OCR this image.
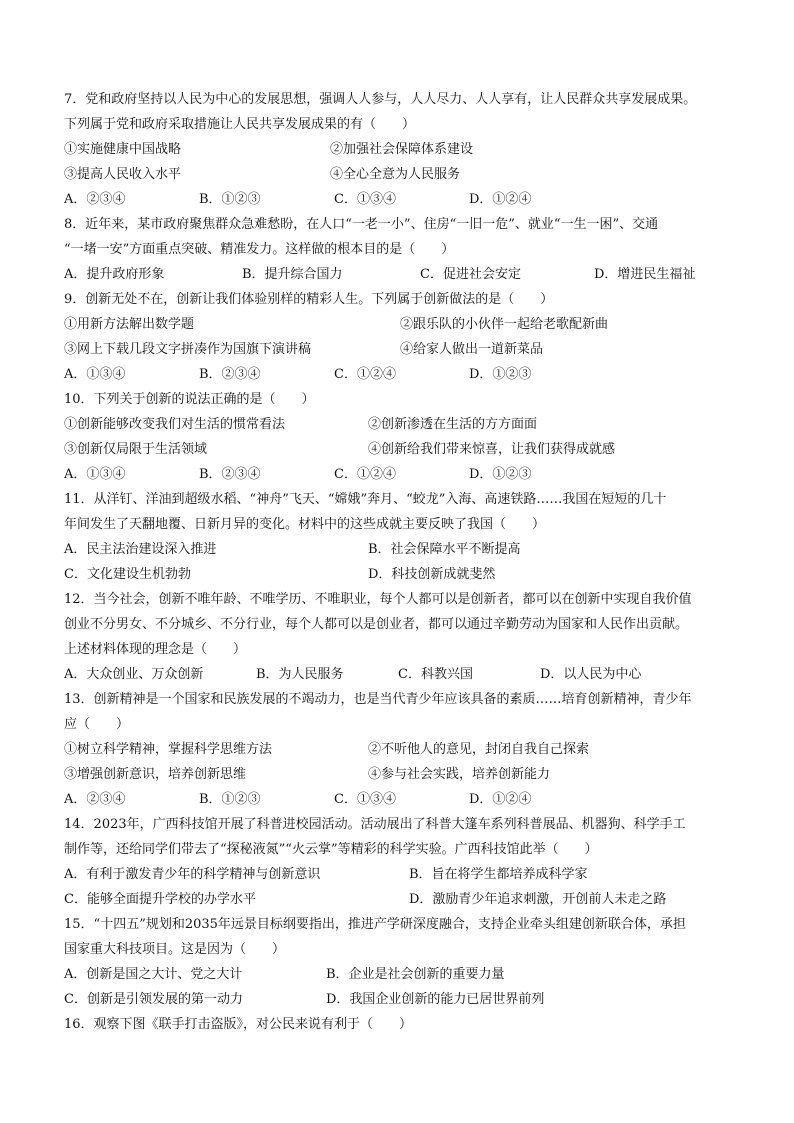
7．党和政府坚持以人民为中心的发展思想，强调人人参与，人人尽力、人人享有，让人民群众共享发展成果。
下列属于党和政府采取措施让人民共享发展成果的有（　　）
①实施健康中国战略	②加强社会保障体系建设
③提高人民收入水平	④全心全意为人民服务
A．②③④	B．①②③	C．①③④	D．①②④
8．近年来，某市政府聚焦群众急难愁盼，在人口“一老一小”、住房“一旧一危”、就业“一生一困”、交通
“一堵一安”方面重点突破、精准发力。这样做的根本目的是（　　）
A．提升政府形象	B．提升综合国力	C．促进社会安定	D．增进民生福祉
9．创新无处不在，创新让我们体验别样的精彩人生。下列属于创新做法的是（　　）
①用新方法解出数学题	②跟乐队的小伙伴一起给老歌配新曲
③网上下载几段文字拼凑作为国旗下演讲稿	④给家人做出一道新菜品
A．①③④	B．②③④	C．①②④	D．①②③
10．下列关于创新的说法正确的是（　　）
①创新能够改变我们对生活的惯常看法	②创新渗透在生活的方方面面
③创新仅局限于生活领域	④创新给我们带来惊喜，让我们获得成就感
A．①③④	B．②③④	C．①②④	D．①②③
11．从洋钉、洋油到超级水稻、“神舟”飞天、“嫦娥”奔月、“蛟龙”入海、高速铁路……我国在短短的几十
年间发生了天翻地覆、日新月异的变化。材料中的这些成就主要反映了我国（　　）
A．民主法治建设深入推进	B．社会保障水平不断提高
C．文化建设生机勃勃	D．科技创新成就斐然
12．当今社会，创新不唯年龄、不唯学历、不唯职业，每个人都可以是创新者，都可以在创新中实现自我价值
创业不分男女、不分城乡、不分行业，每个人都可以是创业者，都可以通过辛勤劳动为国家和人民作出贡献。
上述材料体现的理念是（　　）
A．大众创业、万众创新	B．为人民服务	C．科教兴国	D．以人民为中心
13．创新精神是一个国家和民族发展的不竭动力，也是当代青少年应该具备的素质……培育创新精神，青少年
应（　　）
①树立科学精神，掌握科学思维方法	②不听他人的意见，封闭自我自己探索
③增强创新意识，培养创新思维	④参与社会实践，培养创新能力
A．②③④	B．①②③	C．①③④	D．①②④
14．2023年，广西科技馆开展了科普进校园活动。活动展出了科普大篷车系列科普展品、机器狗、科学手工
制作等，还给同学们带去了“探秘液氮”“火云掌”等精彩的科学实验。广西科技馆此举（　　）
A．有利于激发青少年的科学精神与创新意识	B．旨在将学生都培养成科学家
C．能够全面提升学校的办学水平	D．激励青少年追求刺激，开创前人未走之路
15．“十四五”规划和2035年远景目标纲要指出，推进产学研深度融合，支持企业牵头组建创新联合体，承担
国家重大科技项目。这是因为（　　）
A．创新是国之大计、党之大计	B．企业是社会创新的重要力量
C．创新是引领发展的第一动力	D．我国企业创新的能力已居世界前列
16．观察下图《联手打击盗版》，对公民来说有利于（　　）
